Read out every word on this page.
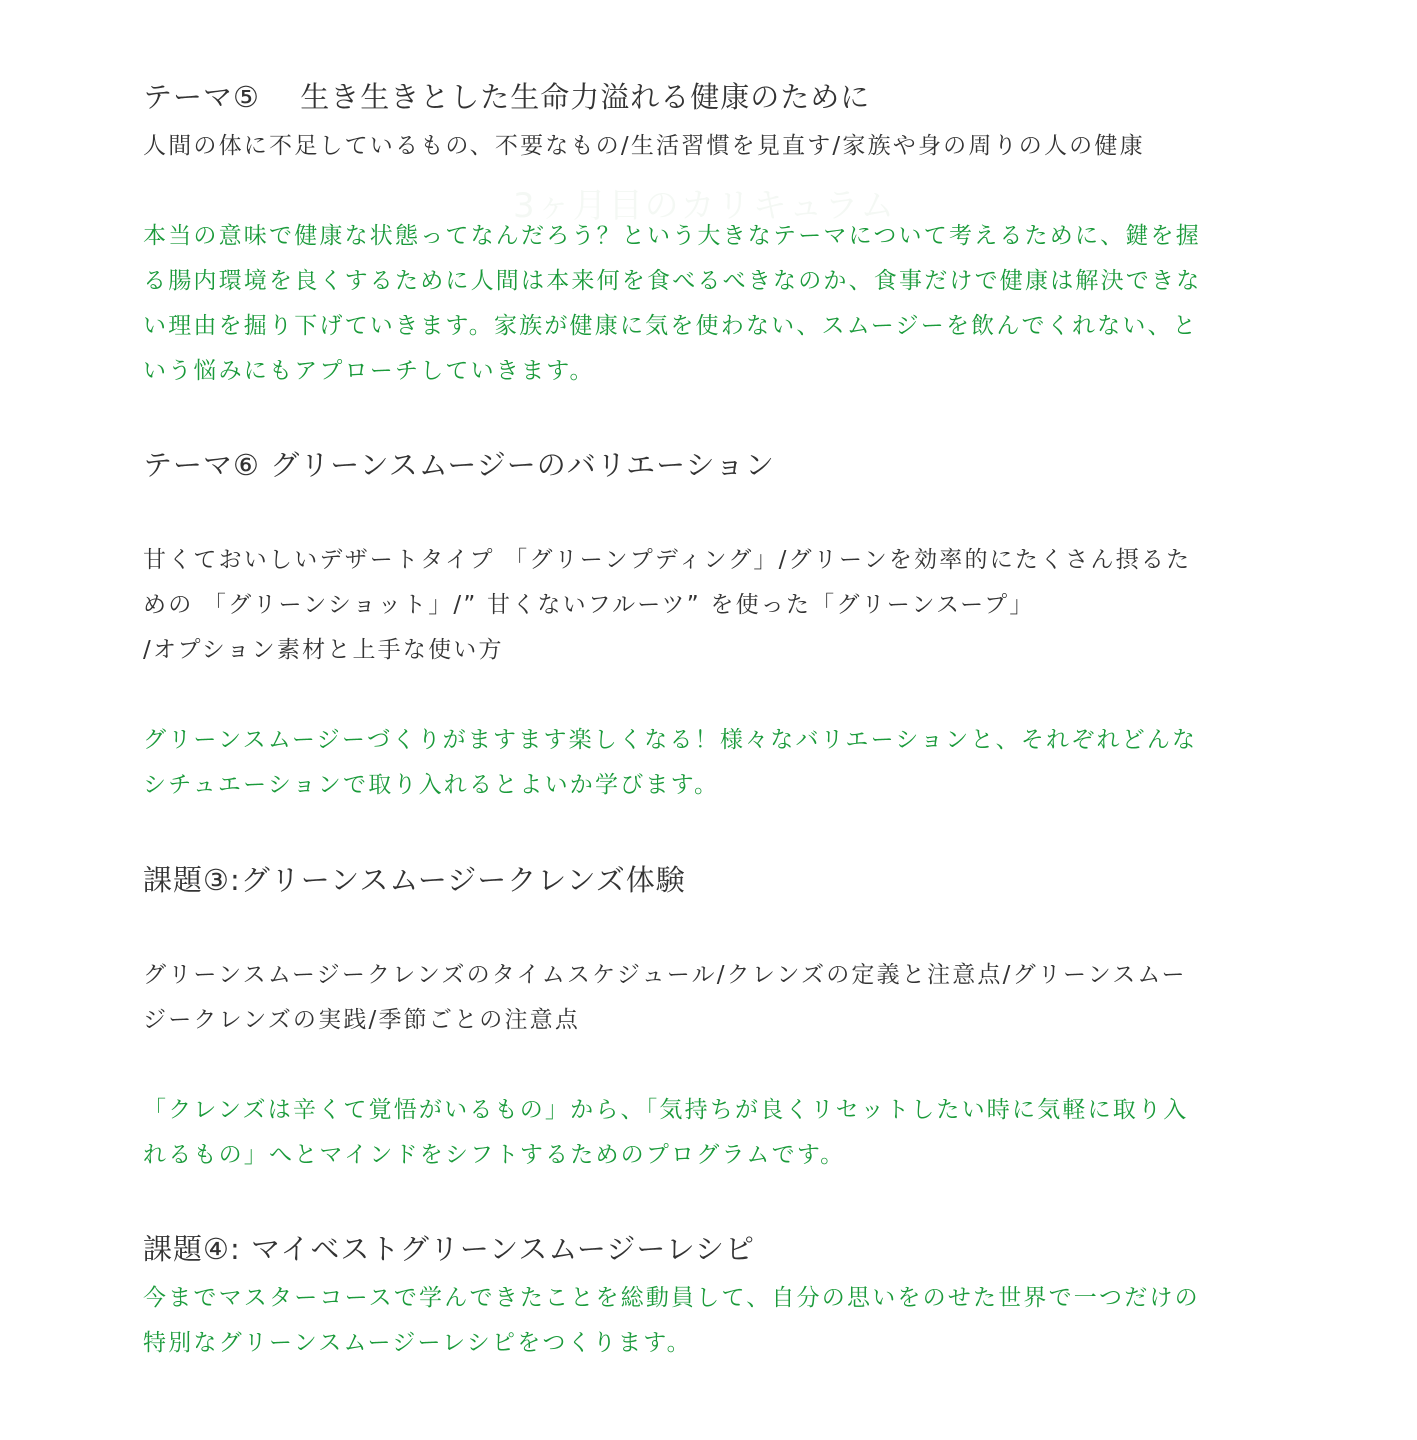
3ヶ月目のカリキュラム
テーマ⑤　 生き生きとした生命力溢れる健康のために
人間の体に不足しているもの、不要なもの/生活習慣を見直す/家族や身の周りの人の健康
本当の意味で健康な状態ってなんだろう？という大きなテーマについて考えるために、鍵を握
る腸内環境を良くするために人間は本来何を食べるべきなのか、食事だけで健康は解決できな
い理由を掘り下げていきます。家族が健康に気を使わない、スムージーを飲んでくれない、と
いう悩みにもアプローチしていきます。
テーマ⑥ グリーンスムージーのバリエーション
甘くておいしいデザートタイプ 「グリーンプディング」/グリーンを効率的にたくさん摂るた
めの 「グリーンショット」/” 甘くないフルーツ” を使った「グリーンスープ」
/オプション素材と上手な使い方
グリーンスムージーづくりがますます楽しくなる！様々なバリエーションと、それぞれどんな
シチュエーションで取り入れるとよいか学びます。
課題③:グリーンスムージークレンズ体験
グリーンスムージークレンズのタイムスケジュール/クレンズの定義と注意点/グリーンスムー
ジークレンズの実践/季節ごとの注意点
「クレンズは辛くて覚悟がいるもの」から、「気持ちが良くリセットしたい時に気軽に取り入
れるもの」へとマインドをシフトするためのプログラムです。
課題④: マイベストグリーンスムージーレシピ
今までマスターコースで学んできたことを総動員して、自分の思いをのせた世界で一つだけの
特別なグリーンスムージーレシピをつくります。
